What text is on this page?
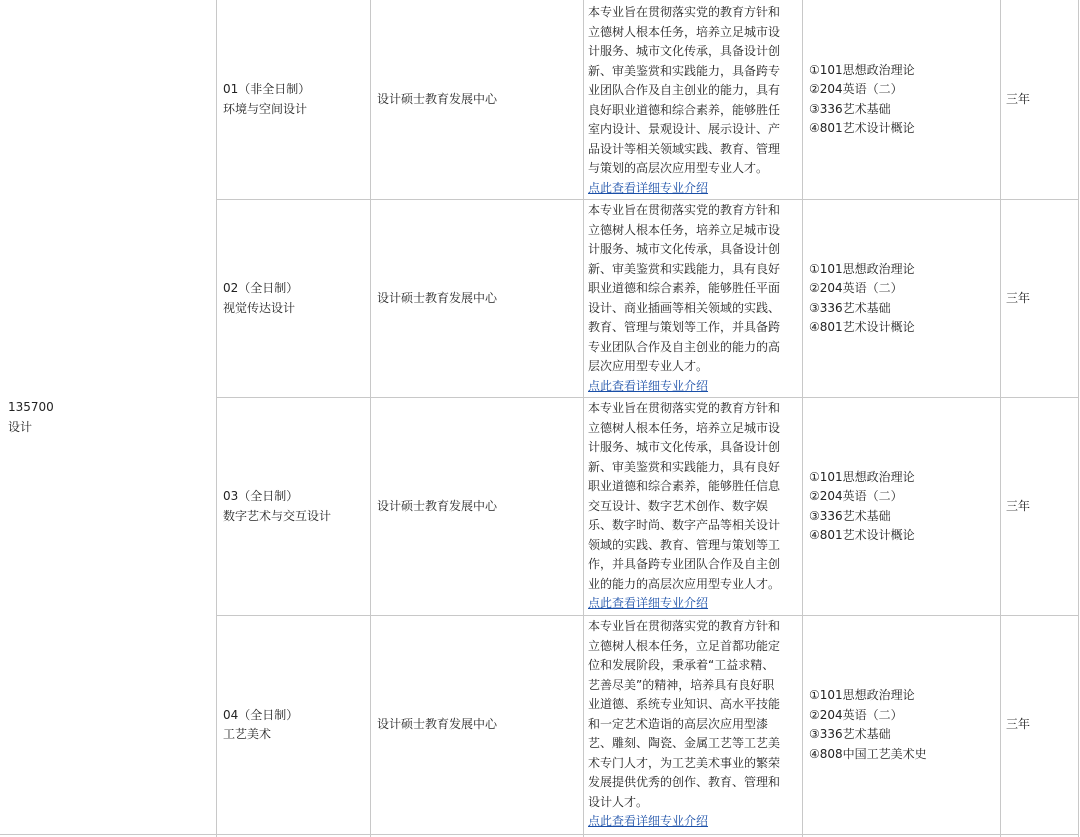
135700
设计
01（非全日制）
环境与空间设计
设计硕士教育发展中心
本专业旨在贯彻落实党的教育方针和
立德树人根本任务，培养立足城市设
计服务、城市文化传承，具备设计创
新、审美鉴赏和实践能力，具备跨专
业团队合作及自主创业的能力，具有
良好职业道德和综合素养，能够胜任
室内设计、景观设计、展示设计、产
品设计等相关领域实践、教育、管理
与策划的高层次应用型专业人才。
点此查看详细专业介绍
①101思想政治理论
②204英语（二）
③336艺术基础
④801艺术设计概论
三年
02（全日制）
视觉传达设计
设计硕士教育发展中心
本专业旨在贯彻落实党的教育方针和
立德树人根本任务，培养立足城市设
计服务、城市文化传承，具备设计创
新、审美鉴赏和实践能力，具有良好
职业道德和综合素养，能够胜任平面
设计、商业插画等相关领域的实践、
教育、管理与策划等工作，并具备跨
专业团队合作及自主创业的能力的高
层次应用型专业人才。
点此查看详细专业介绍
①101思想政治理论
②204英语（二）
③336艺术基础
④801艺术设计概论
三年
03（全日制）
数字艺术与交互设计
设计硕士教育发展中心
本专业旨在贯彻落实党的教育方针和
立德树人根本任务，培养立足城市设
计服务、城市文化传承，具备设计创
新、审美鉴赏和实践能力，具有良好
职业道德和综合素养，能够胜任信息
交互设计、数字艺术创作、数字娱
乐、数字时尚、数字产品等相关设计
领域的实践、教育、管理与策划等工
作，并具备跨专业团队合作及自主创
业的能力的高层次应用型专业人才。
点此查看详细专业介绍
①101思想政治理论
②204英语（二）
③336艺术基础
④801艺术设计概论
三年
04（全日制）
工艺美术
设计硕士教育发展中心
本专业旨在贯彻落实党的教育方针和
立德树人根本任务，立足首都功能定
位和发展阶段，秉承着“工益求精、
艺善尽美”的精神，培养具有良好职
业道德、系统专业知识、高水平技能
和一定艺术造诣的高层次应用型漆
艺、雕刻、陶瓷、金属工艺等工艺美
术专门人才，为工艺美术事业的繁荣
发展提供优秀的创作、教育、管理和
设计人才。
点此查看详细专业介绍
①101思想政治理论
②204英语（二）
③336艺术基础
④808中国工艺美术史
三年
